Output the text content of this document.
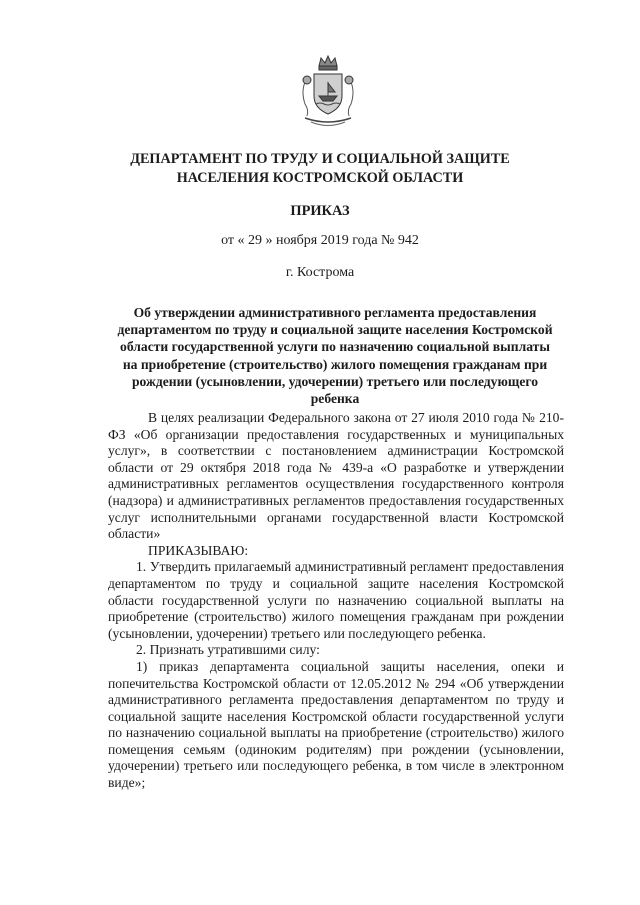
ДЕПАРТАМЕНТ ПО ТРУДУ И СОЦИАЛЬНОЙ ЗАЩИТЕ

НАСЕЛЕНИЯ КОСТРОМСКОЙ ОБЛАСТИ

ПРИКАЗ

от « 29 » ноября 2019 года № 942
г. Кострома
Об утверждении административного регламента предоставления департаментом по труду и социальной защите населения Костромской области государственной услуги по назначению социальной выплаты на приобретение (строительство) жилого помещения гражданам при рождении (усыновлении, удочерении) третьего или последующего ребенка

В целях реализации Федерального закона от 27 июля 2010 года № 210-ФЗ «Об организации предоставления государственных и муниципальных услуг», в соответствии с постановлением администрации Костромской области от 29 октября 2018 года № 439-а «О разработке и утверждении административных регламентов осуществления государственного контроля (надзора) и административных регламентов предоставления государственных услуг исполнительными органами государственной власти Костромской области»

ПРИКАЗЫВАЮ:

1. Утвердить прилагаемый административный регламент предоставления департаментом по труду и социальной защите населения Костромской области государственной услуги по назначению социальной выплаты на приобретение (строительство) жилого помещения гражданам при рождении (усыновлении, удочерении) третьего или последующего ребенка.

2. Признать утратившими силу:

1) приказ департамента социальной защиты населения, опеки и попечительства Костромской области от 12.05.2012 № 294 «Об утверждении административного регламента предоставления департаментом по труду и социальной защите населения Костромской области государственной услуги по назначению социальной выплаты на приобретение (строительство) жилого помещения семьям (одиноким родителям) при рождении (усыновлении, удочерении) третьего или последующего ребенка, в том числе в электронном виде»;
